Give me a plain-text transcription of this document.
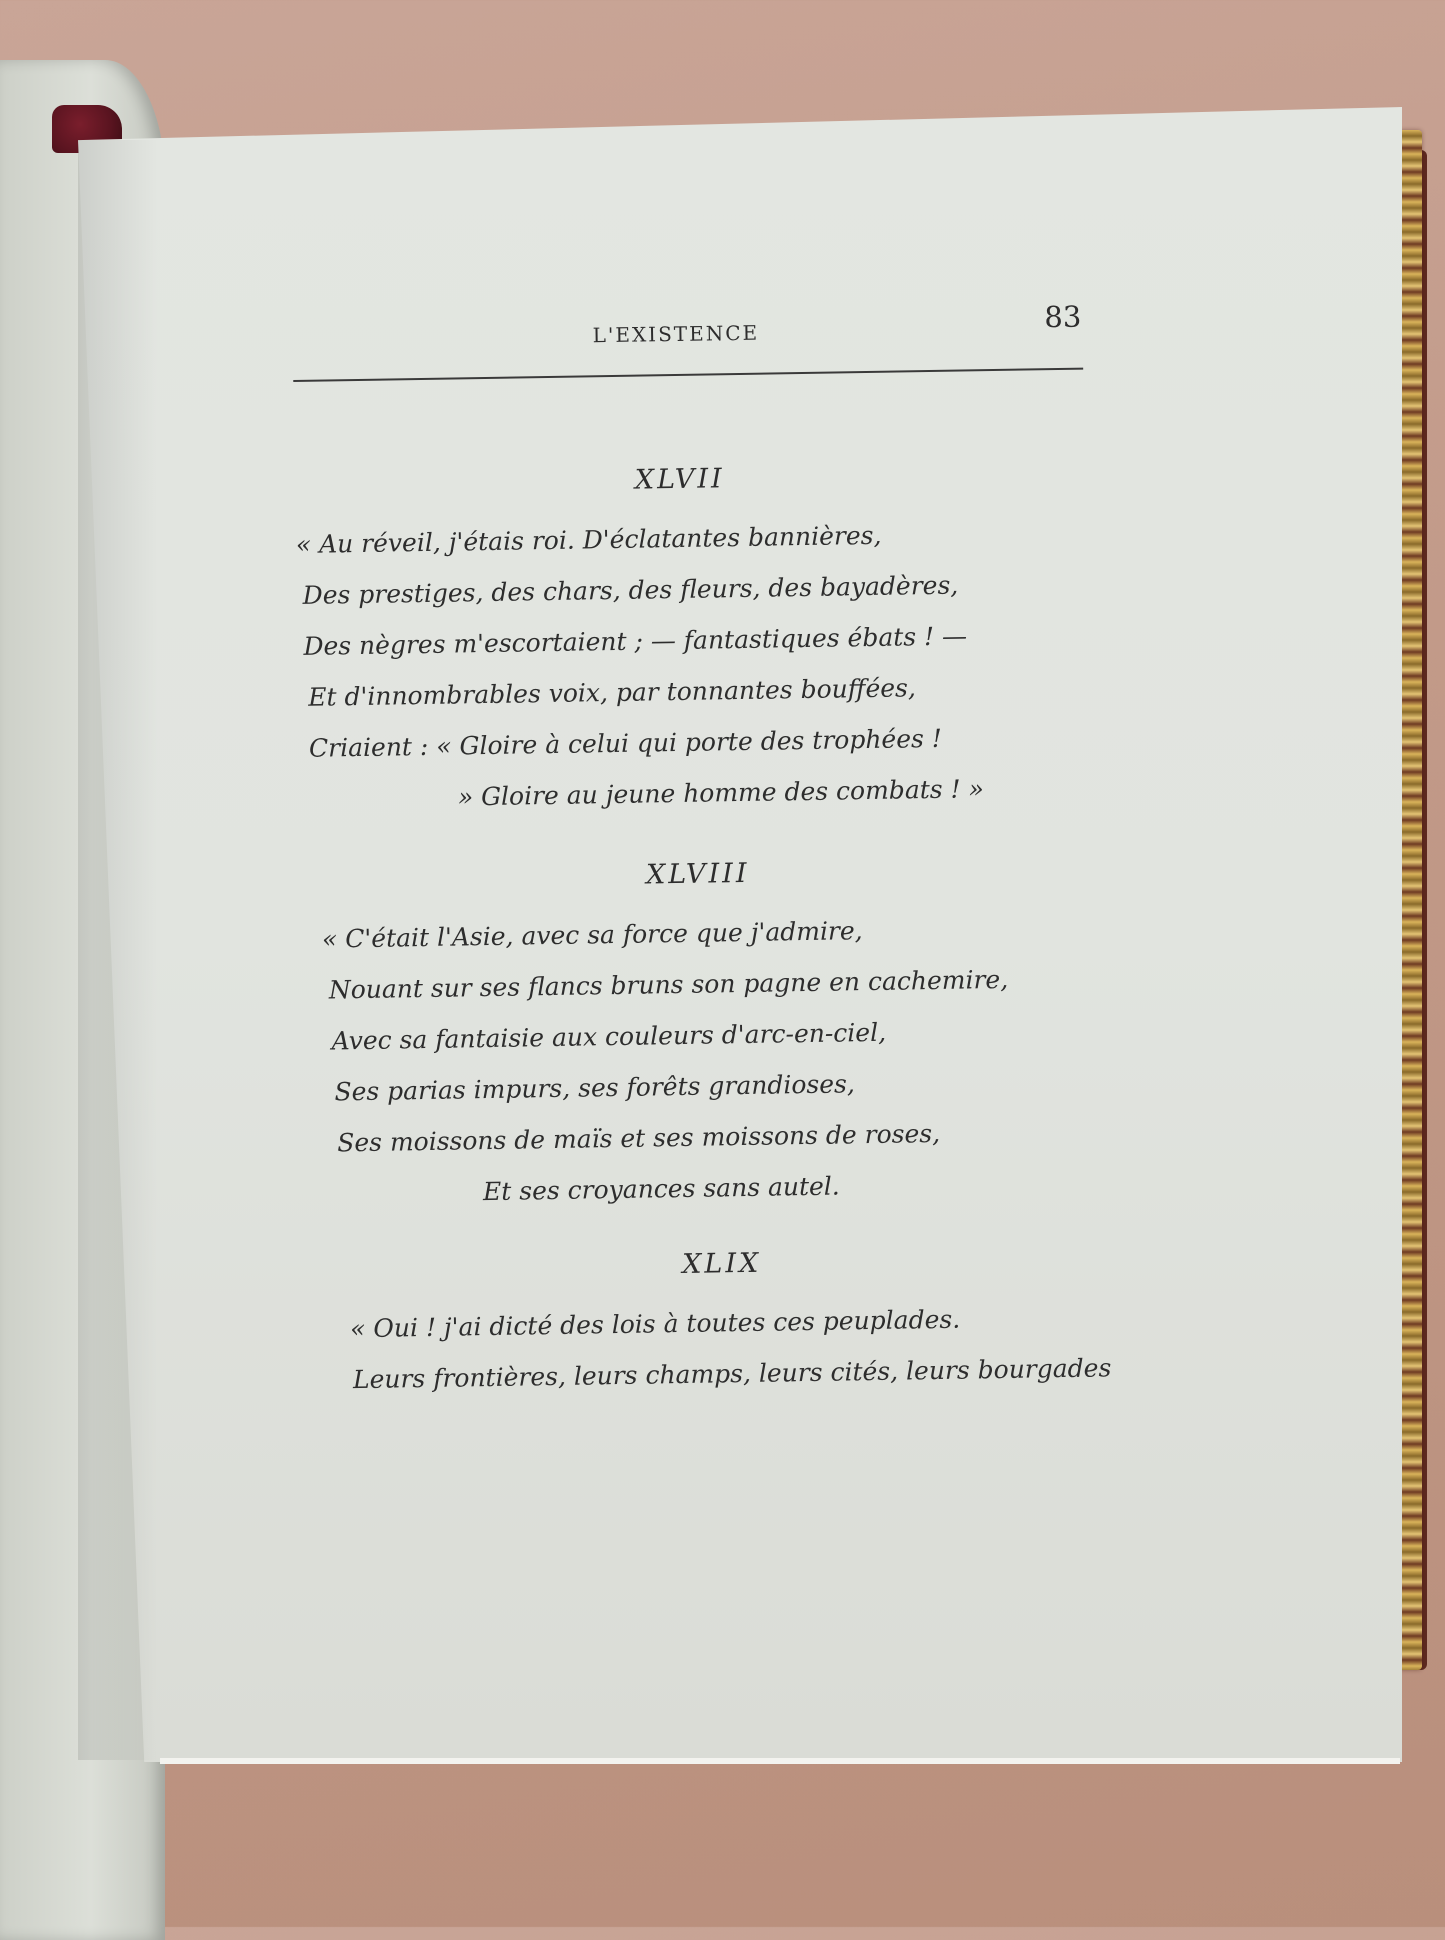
L'EXISTENCE	83
XLVII
« Au réveil, j'étais roi. D'éclatantes bannières,
Des prestiges, des chars, des fleurs, des bayadères,
Des nègres m'escortaient ; — fantastiques ébats ! —
Et d'innombrables voix, par tonnantes bouffées,
Criaient : « Gloire à celui qui porte des trophées !
» Gloire au jeune homme des combats ! »
XLVIII
« C'était l'Asie, avec sa force que j'admire,
Nouant sur ses flancs bruns son pagne en cachemire,
Avec sa fantaisie aux couleurs d'arc-en-ciel,
Ses parias impurs, ses forêts grandioses,
Ses moissons de maïs et ses moissons de roses,
Et ses croyances sans autel.
XLIX
« Oui ! j'ai dicté des lois à toutes ces peuplades.
Leurs frontières, leurs champs, leurs cités, leurs bourgades
